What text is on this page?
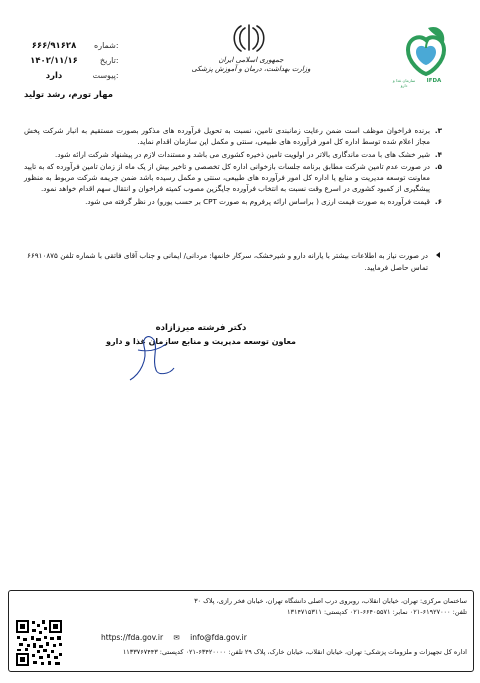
۶۶۶/۹۱۶۲۸ شماره:
۱۴۰۲/۱۱/۱۶	تاریخ:
دارد	پیوست:
جمهوری اسلامی ایران
وزارت بهداشت، درمان و آموزش پزشکی
سازمان غذا و دارو
IFDA
مهار تورم، رشد تولید
۳.
برنده فراخوان موظف است ضمن رعایت زمانبندی تامین، نسبت به تحویل فرآورده های مذکور بصورت مستقیم به انبار شرکت پخش مجاز اعلام شده توسط اداره کل امور فرآورده های طبیعی، سنتی و مکمل این سازمان اقدام نماید.
۴.
شیر خشک های با مدت ماندگاری بالاتر در اولویت تامین ذخیره کشوری می باشد و مستندات لازم در پیشنهاد شرکت ارائه شود.
۵.
در صورت عدم تامین شرکت مطابق برنامه جلسات بازخوانی اداره کل تخصصی و تاخیر بیش از یک ماه از زمان تامین فرآورده که به تایید معاونت توسعه مدیریت و منابع یا اداره کل امور فرآورده های طبیعی، سنتی و مکمل رسیده باشد ضمن جریمه شرکت مربوط به منظور پیشگیری از کمبود کشوری در اسرع وقت نسبت به انتخاب فرآورده جایگزین مصوب کمیته فراخوان و انتقال سهم اقدام خواهد نمود.
۶.
قیمت فرآورده به صورت قیمت ارزی ( براساس ارائه پرفروم به صورت CPT بر حسب یورو) در نظر گرفته می شود.
در صورت نیاز به اطلاعات بیشتر با یارانه دارو و شیرخشک، سرکار خانمها: مردانی/ ایمانی و جناب آقای فاتقی با شماره تلفن ۶۶۹۱۰۸۷۵ تماس حاصل فرمایید.
دکتر فرشته میرزازاده
معاون توسعه مدیریت و منابع سازمان غذا و دارو
ساختمان مرکزی: تهران، خیابان انقلاب، روبروی درب اصلی دانشگاه تهران، خیابان فخر رازی، پلاک ۳۰
تلفن: ۶۱۹۲۷۰۰۰-۰۲۱ نمابر: ۶۶۴۰۵۵۷۱-۰۲۱ کدپستی: ۱۳۱۴۷۱۵۳۱۱
اداره کل تجهیزات و ملزومات پزشکی: تهران، خیابان انقلاب، خیابان خارک، پلاک ۲۹ تلفن: ۶۳۴۲۰۰۰۰-۰۲۱ کدپستی: ۱۱۳۳۷۶۷۴۴۳
https://fda.gov.ir ✉ info@fda.gov.ir
